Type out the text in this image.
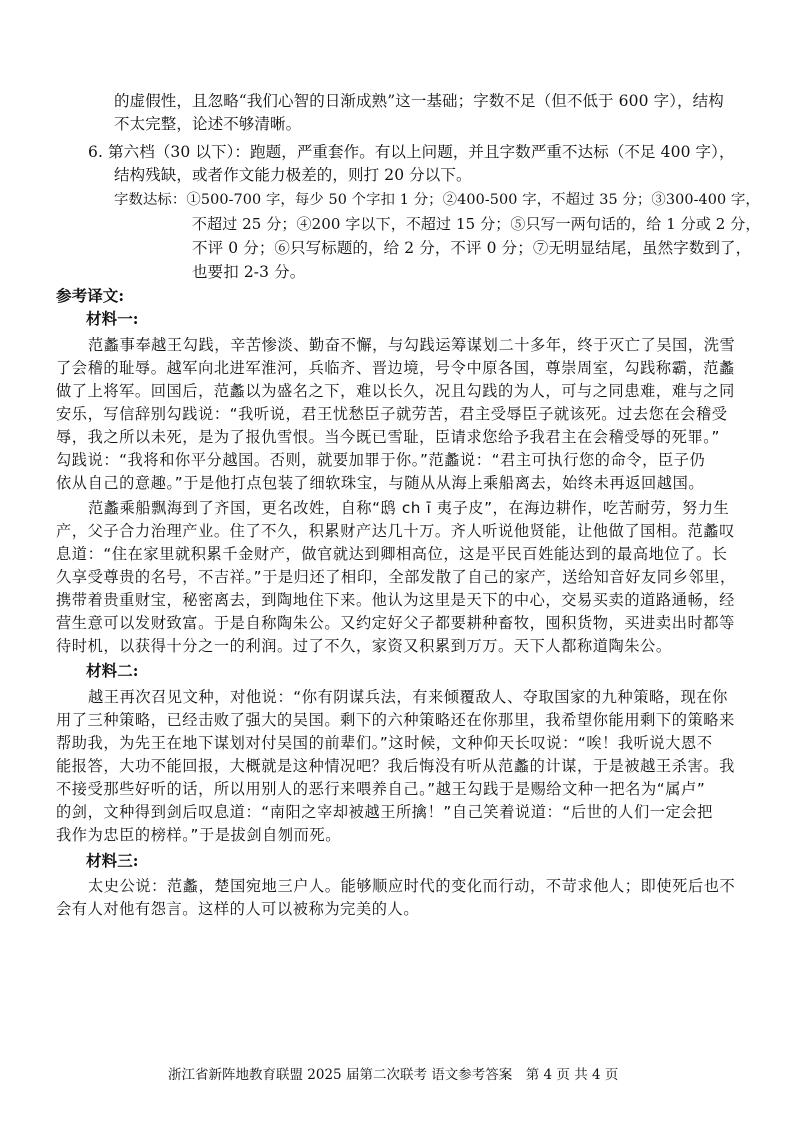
的虚假性，且忽略“我们心智的日渐成熟”这一基础；字数不足（但不低于 600 字），结构
不太完整，论述不够清晰。
6. 第六档（30 以下）：跑题，严重套作。有以上问题，并且字数严重不达标（不足 400 字），
结构残缺，或者作文能力极差的，则打 20 分以下。
字数达标：①500-700 字，每少 50 个字扣 1 分；②400-500 字，不超过 35 分；③300-400 字，
不超过 25 分；④200 字以下，不超过 15 分；⑤只写一两句话的，给 1 分或 2 分，
不评 0 分；⑥只写标题的，给 2 分，不评 0 分；⑦无明显结尾，虽然字数到了，
也要扣 2-3 分。
参考译文:
材料一:
范蠡事奉越王勾践，辛苦惨淡、勤奋不懈，与勾践运筹谋划二十多年，终于灭亡了吴国，洗雪
了会稽的耻辱。越军向北进军淮河，兵临齐、晋边境，号令中原各国，尊崇周室，勾践称霸，范蠡
做了上将军。回国后，范蠡以为盛名之下，难以长久，况且勾践的为人，可与之同患难，难与之同
安乐，写信辞别勾践说：“我听说，君王忧愁臣子就劳苦，君主受辱臣子就该死。过去您在会稽受
辱，我之所以未死，是为了报仇雪恨。当今既已雪耻，臣请求您给予我君主在会稽受辱的死罪。”
勾践说：“我将和你平分越国。否则，就要加罪于你。”范蠡说：“君主可执行您的命令，臣子仍
依从自己的意趣。”于是他打点包装了细软珠宝，与随从从海上乘船离去，始终未再返回越国。
范蠡乘船飘海到了齐国，更名改姓，自称“鸱 ch ī 夷子皮”，在海边耕作，吃苦耐劳，努力生
产，父子合力治理产业。住了不久，积累财产达几十万。齐人听说他贤能，让他做了国相。范蠡叹
息道：“住在家里就积累千金财产，做官就达到卿相高位，这是平民百姓能达到的最高地位了。长
久享受尊贵的名号，不吉祥。”于是归还了相印，全部发散了自己的家产，送给知音好友同乡邻里，
携带着贵重财宝，秘密离去，到陶地住下来。他认为这里是天下的中心，交易买卖的道路通畅，经
营生意可以发财致富。于是自称陶朱公。又约定好父子都要耕种畜牧，囤积货物，买进卖出时都等
待时机，以获得十分之一的利润。过了不久，家资又积累到万万。天下人都称道陶朱公。
材料二:
越王再次召见文种，对他说：“你有阴谋兵法，有来倾覆敌人、夺取国家的九种策略，现在你
用了三种策略，已经击败了强大的吴国。剩下的六种策略还在你那里，我希望你能用剩下的策略来
帮助我，为先王在地下谋划对付吴国的前辈们。”这时候，文种仰天长叹说：“唉！我听说大恩不
能报答，大功不能回报，大概就是这种情况吧？我后悔没有听从范蠡的计谋，于是被越王杀害。我
不接受那些好听的话，所以用别人的恶行来喂养自己。”越王勾践于是赐给文种一把名为“属卢”
的剑，文种得到剑后叹息道：“南阳之宰却被越王所擒！”自己笑着说道：“后世的人们一定会把
我作为忠臣的榜样。”于是拔剑自刎而死。
材料三:
太史公说：范蠡，楚国宛地三户人。能够顺应时代的变化而行动，不苛求他人；即使死后也不
会有人对他有怨言。这样的人可以被称为完美的人。
浙江省新阵地教育联盟 2025 届第二次联考 语文参考答案　第 4 页 共 4 页
